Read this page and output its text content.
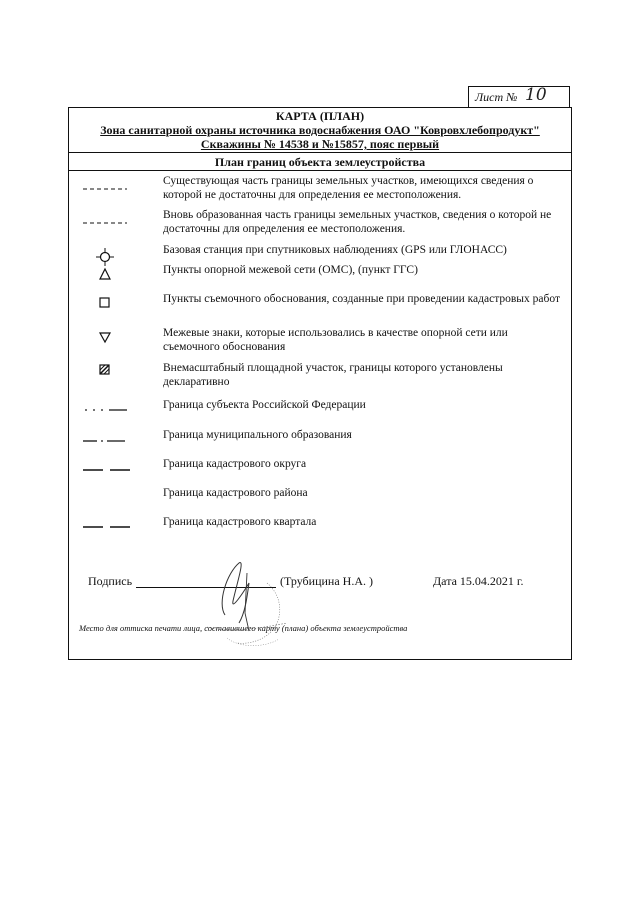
Лист № 10
КАРТА (ПЛАН)
Зона санитарной охраны источника водоснабжения ОАО "Ковровхлебопродукт"
Скважины № 14538 и №15857, пояс первый
План границ объекта землеустройства
Существующая часть границы земельных участков, имеющихся сведения о которой не достаточны для определения ее местоположения.
Вновь образованная часть границы земельных участков, сведения о которой не достаточны для определения ее местоположения.
Базовая станция при спутниковых наблюдениях (GPS или ГЛОНАСС)
Пункты опорной межевой сети (ОМС), (пункт ГГС)
Пункты съемочного обоснования, созданные при проведении кадастровых работ
Межевые знаки, которые использовались в качестве опорной сети или съемочного обоснования
Внемасштабный площадной участок, границы которого установлены декларативно
Граница субъекта Российской Федерации
Граница муниципального образования
Граница кадастрового округа
Граница кадастрового района
Граница кадастрового квартала
Подпись	(Трубицина Н.А. )	Дата 15.04.2021 г.
Место для оттиска печати лица, составившего карту (плана) объекта землеустройства
